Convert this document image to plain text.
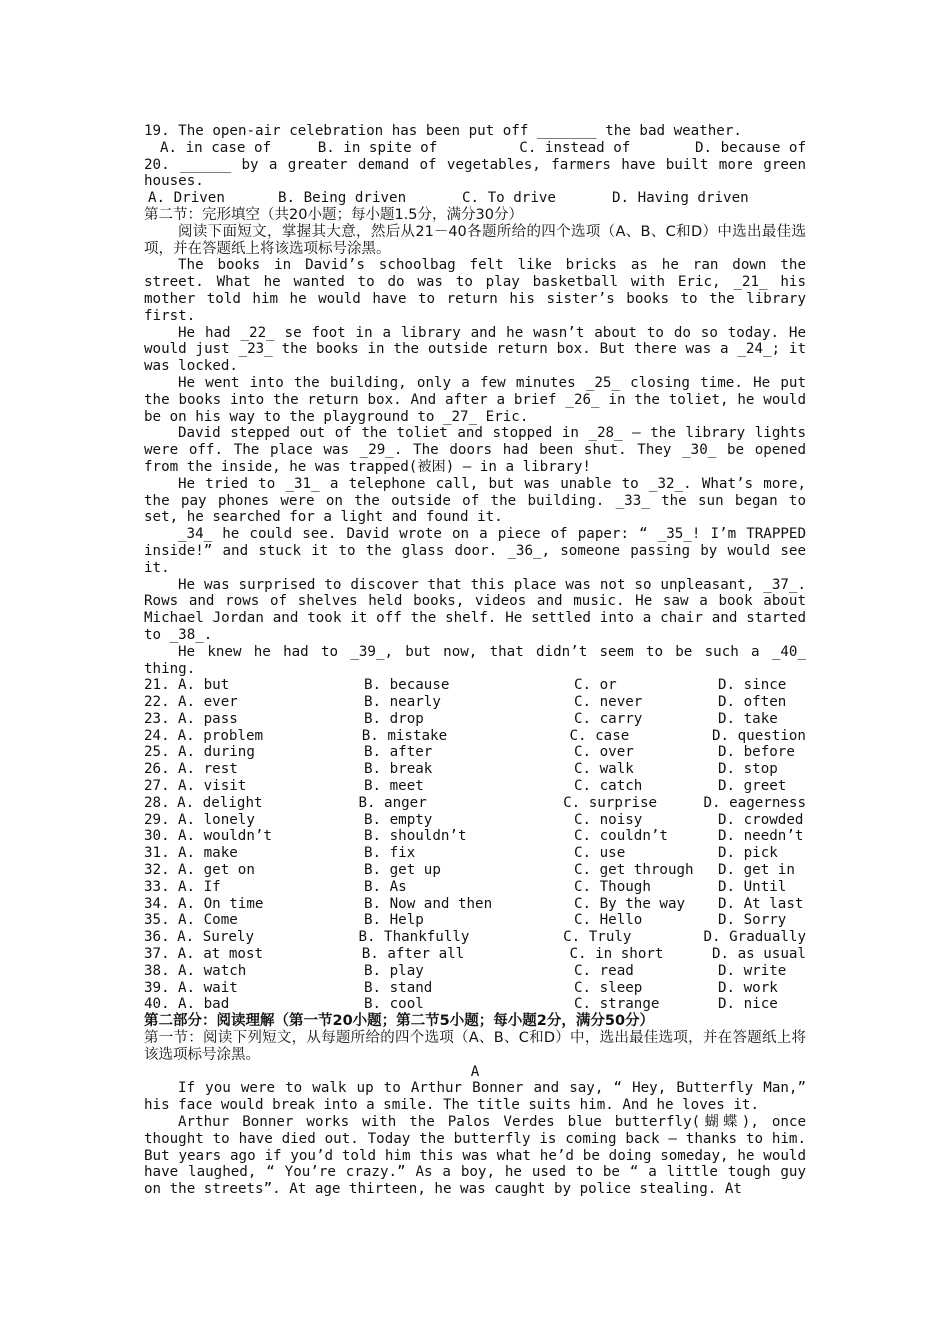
19. The open-air celebration has been put off _______ the bad weather.

A. in case of	B. in spite of	C. instead of	D. because of

20. ______ by a greater demand of vegetables, farmers have built more green houses.

A. Driven	B. Being driven	C. To drive	D. Having driven

第二节：完形填空（共20小题；每小题1.5分，满分30分）

阅读下面短文，掌握其大意，然后从21－40各题所给的四个选项（A、B、C和D）中选出最佳选项，并在答题纸上将该选项标号涂黑。

The books in David’s schoolbag felt like bricks as he ran down the street. What he wanted to do was to play basketball with Eric, _21_ his mother told him he would have to return his sister’s books to the library first.

He had _22_ se foot in a library and he wasn’t about to do so today. He would just _23_ the books in the outside return box. But there was a _24_; it was locked.

He went into the building, only a few minutes _25_ closing time. He put the books into the return box. And after a brief _26_ in the toliet, he would be on his way to the playground to _27_ Eric.

David stepped out of the toliet and stopped in _28_ — the library lights were off. The place was _29_. The doors had been shut. They _30_ be opened from the inside, he was trapped(被困) — in a library!

He tried to _31_ a telephone call, but was unable to _32_. What’s more, the pay phones were on the outside of the building. _33_ the sun began to set, he searched for a light and found it.

_34_ he could see. David wrote on a piece of paper: “ _35_! I’m TRAPPED inside!” and stuck it to the glass door. _36_, someone passing by would see it.

He was surprised to discover that this place was not so unpleasant, _37_. Rows and rows of shelves held books, videos and music. He saw a book about Michael Jordan and took it off the shelf. He settled into a chair and started to _38_.

He knew he had to _39_, but now, that didn’t seem to be such a _40_ thing.

21. A. but	B. because	C. or	D. since
22. A. ever	B. nearly	C. never	D. often
23. A. pass	B. drop	C. carry	D. take
24. A. problem	B. mistake	C. case	D. question
25. A. during	B. after	C. over	D. before
26. A. rest	B. break	C. walk	D. stop
27. A. visit	B. meet	C. catch	D. greet
28. A. delight	B. anger	C. surprise	D. eagerness
29. A. lonely	B. empty	C. noisy	D. crowded
30. A. wouldn’t	B. shouldn’t	C. couldn’t	D. needn’t
31. A. make	B. fix	C. use	D. pick
32. A. get on	B. get up	C. get through	D. get in
33. A. If	B. As	C. Though	D. Until
34. A. On time	B. Now and then	C. By the way	D. At last
35. A. Come	B. Help	C. Hello	D. Sorry
36. A. Surely	B. Thankfully	C. Truly	D. Gradually
37. A. at most	B. after all	C. in short	D. as usual
38. A. watch	B. play	C. read	D. write
39. A. wait	B. stand	C. sleep	D. work
40. A. bad	B. cool	C. strange	D. nice

第二部分：阅读理解（第一节20小题；第二节5小题；每小题2分，满分50分）

第一节：阅读下列短文，从每题所给的四个选项（A、B、C和D）中，选出最佳选项，并在答题纸上将该选项标号涂黑。

A

If you were to walk up to Arthur Bonner and say, “ Hey, Butterfly Man,” his face would break into a smile. The title suits him. And he loves it.

Arthur Bonner works with the Palos Verdes blue butterfly(蝴蝶), once thought to have died out. Today the butterfly is coming back — thanks to him. But years ago if you’d told him this was what he’d be doing someday, he would have laughed, “ You’re crazy.” As a boy, he used to be “ a little tough guy on the streets”. At age thirteen, he was caught by police stealing. At
